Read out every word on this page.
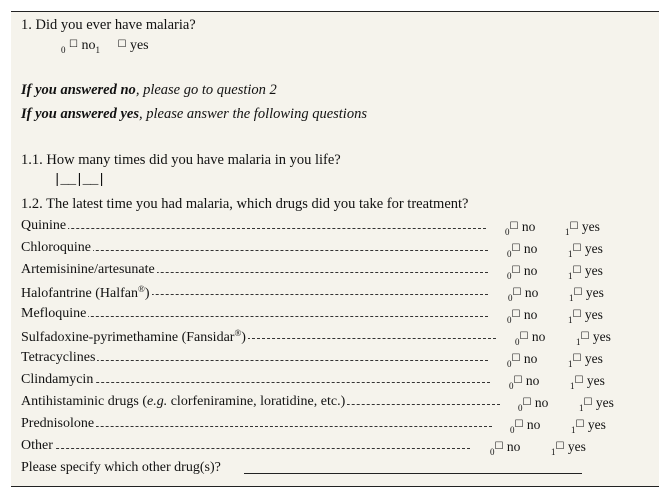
1. Did you ever have malaria?
$_0$ ☐ $no_1$ ☐ yes
If you answered no, please go to question 2
If you answered yes, please answer the following questions
1.1. How many times did you have malaria in you life?
|__|__|
1.2. The latest time you had malaria, which drugs did you take for treatment?
Quinine	$_0$☐ no	$_1$☐ yes
Chloroquine	$_0$☐ no	$_1$☐ yes
Artemisinine/artesunate	$_0$☐ no	$_1$☐ yes
Halofantrine (Halfan®)	$_0$☐ no	$_1$☐ yes
Mefloquine	$_0$☐ no	$_1$☐ yes
Sulfadoxine-pyrimethamine (Fansidar®)	$_0$☐ no	$_1$☐ yes
Tetracyclines	$_0$☐ no	$_1$☐ yes
Clindamycin	$_0$☐ no	$_1$☐ yes
Antihistaminic drugs (e.g. clorfeniramine, loratidine, etc.)	$_0$☐ no	$_1$☐ yes
Prednisolone	$_0$☐ no	$_1$☐ yes
Other	$_0$☐ no	$_1$☐ yes
Please specify which other drug(s)?
